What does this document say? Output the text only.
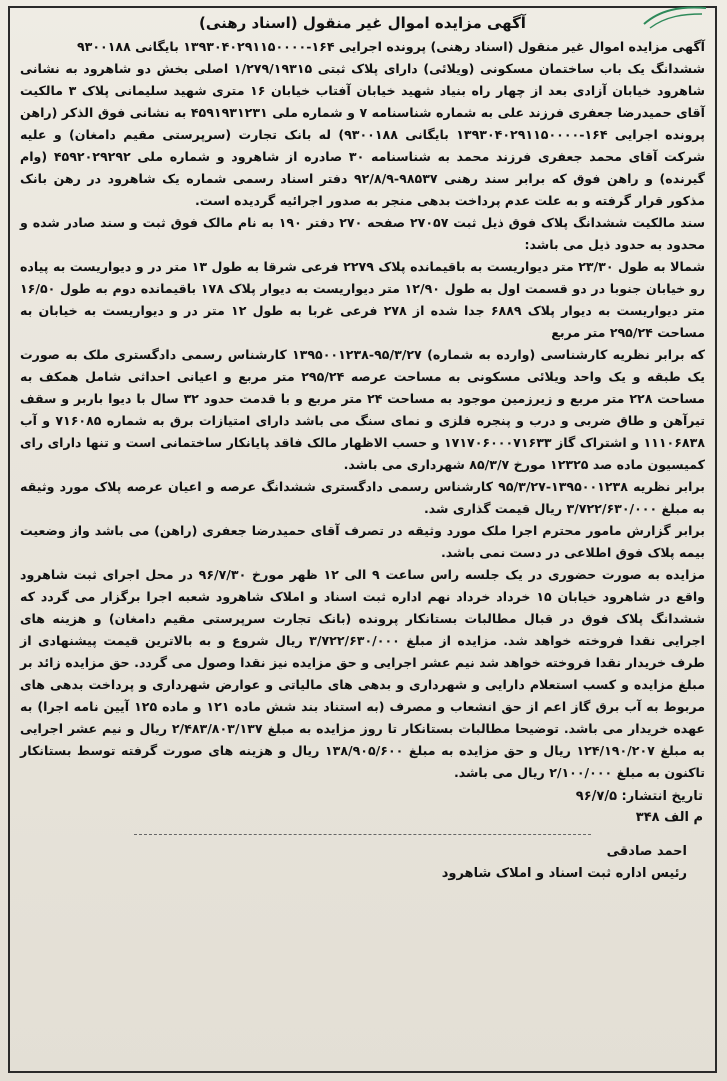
آگهی مزایده اموال غیر منقول (اسناد رهنی)

آگهی مزایده اموال غیر منقول (اسناد رهنی) پرونده اجرایی ۱۶۴-۱۳۹۳۰۴۰۲۹۱۱۵۰۰۰۰ بایگانی ۹۳۰۰۱۸۸

ششدانگ یک باب ساختمان مسکونی (ویلائی) دارای پلاک ثبتی ۱/۲۷۹/۱۹۳۱۵ اصلی بخش دو شاهرود به نشانی شاهرود خیابان آزادی بعد از چهار راه بنیاد شهید خیابان آفتاب خیابان ۱۶ متری شهید سلیمانی پلاک ۳ مالکیت آقای حمیدرضا جعفری فرزند علی به شماره شناسنامه ۷ و شماره ملی ۴۵۹۱۹۳۱۲۳۱ به نشانی فوق الذکر (راهن پرونده اجرایی ۱۶۴-۱۳۹۳۰۴۰۲۹۱۱۵۰۰۰۰ بایگانی ۹۳۰۰۱۸۸) له بانک تجارت (سرپرستی مقیم دامغان) و علیه شرکت آقای محمد جعفری فرزند محمد به شناسنامه ۳۰ صادره از شاهرود و شماره ملی ۴۵۹۲۰۲۹۲۹۲ (وام گیرنده) و راهن فوق که برابر سند رهنی ۹۸۵۳۷-۹۲/۸/۹ دفتر اسناد رسمی شماره یک شاهرود در رهن بانک مذکور قرار گرفته و به علت عدم پرداخت بدهی منجر به صدور اجرائیه گردیده است.

سند مالکیت ششدانگ پلاک فوق ذیل ثبت ۲۷۰۵۷ صفحه ۲۷۰ دفتر ۱۹۰ به نام مالک فوق ثبت و سند صادر شده و محدود به حدود ذیل می باشد:

شمالا به طول ۲۳/۳۰ متر دیواریست به باقیمانده پلاک ۲۲۷۹ فرعی شرقا به طول ۱۳ متر در و دیواریست به پیاده رو خیابان جنوبا در دو قسمت اول به طول ۱۲/۹۰ متر دیواریست به دیوار پلاک ۱۷۸ باقیمانده دوم به طول ۱۶/۵۰ متر دیواریست به دیوار پلاک ۶۸۸۹ جدا شده از ۲۷۸ فرعی غربا به طول ۱۲ متر در و دیواریست به خیابان به مساحت ۲۹۵/۲۴ متر مربع

که برابر نظریه کارشناسی (وارده به شماره) ۹۵/۳/۲۷-۱۳۹۵۰۰۱۲۳۸ کارشناس رسمی دادگستری ملک به صورت یک طبقه و یک واحد ویلائی مسکونی به مساحت عرصه ۲۹۵/۲۴ متر مربع و اعیانی احداثی شامل همکف به مساحت ۲۲۸ متر مربع و زیرزمین موجود به مساحت ۲۴ متر مربع و با قدمت حدود ۳۲ سال با دیوا باربر و سقف تیرآهن و طاق ضربی و درب و پنجره فلزی و نمای سنگ می باشد دارای امتیازات برق به شماره ۷۱۶۰۸۵ و آب ۱۱۱۰۶۸۳۸ و اشتراک گاز ۱۷۱۷۰۶۰۰۰۷۱۶۳۳ و حسب الاظهار مالک فاقد پایانکار ساختمانی است و تنها دارای رای کمیسیون ماده صد ۱۲۳۲۵ مورخ ۸۵/۳/۷ شهرداری می باشد.

برابر نظریه ۱۳۹۵۰۰۱۲۳۸-۹۵/۳/۲۷ کارشناس رسمی دادگستری ششدانگ عرصه و اعیان عرصه پلاک مورد وثیقه به مبلغ ۳/۷۲۲/۶۳۰/۰۰۰ ریال قیمت گذاری شد.

برابر گزارش مامور محترم اجرا ملک مورد وثیقه در تصرف آقای حمیدرضا جعفری (راهن) می باشد واز وضعیت بیمه پلاک فوق اطلاعی در دست نمی باشد.

مزایده به صورت حضوری در یک جلسه راس ساعت ۹ الی ۱۲ ظهر مورخ ۹۶/۷/۳۰ در محل اجرای ثبت شاهرود واقع در شاهرود خیابان ۱۵ خرداد خرداد نهم اداره ثبت اسناد و املاک شاهرود شعبه اجرا برگزار می گردد که ششدانگ پلاک فوق در قبال مطالبات بستانکار پرونده (بانک تجارت سرپرستی مقیم دامغان) و هزینه های اجرایی نقدا فروخته خواهد شد. مزایده از مبلغ ۳/۷۲۲/۶۳۰/۰۰۰ ریال شروع و به بالاترین قیمت پیشنهادی از طرف خریدار نقدا فروخته خواهد شد نیم عشر اجرایی و حق مزایده نیز نقدا وصول می گردد. حق مزایده زائد بر مبلغ مزایده و کسب استعلام دارایی و شهرداری و بدهی های مالیاتی و عوارض شهرداری و پرداخت بدهی های مربوط به آب برق گاز اعم از حق انشعاب و مصرف (به استناد بند شش ماده ۱۲۱ و ماده ۱۲۵ آیین نامه اجرا) به عهده خریدار می باشد. توضیحا مطالبات بستانکار تا روز مزایده به مبلغ ۲/۴۸۳/۸۰۳/۱۳۷ ریال و نیم عشر اجرایی به مبلغ ۱۲۴/۱۹۰/۲۰۷ ریال و حق مزایده به مبلغ ۱۳۸/۹۰۵/۶۰۰ ریال و هزینه های صورت گرفته توسط بستانکار تاکنون به مبلغ ۲/۱۰۰/۰۰۰ ریال می باشد.

تاریخ انتشار: ۹۶/۷/۵
م الف ۳۴۸
احمد صادقی
رئیس اداره ثبت اسناد و املاک شاهرود
